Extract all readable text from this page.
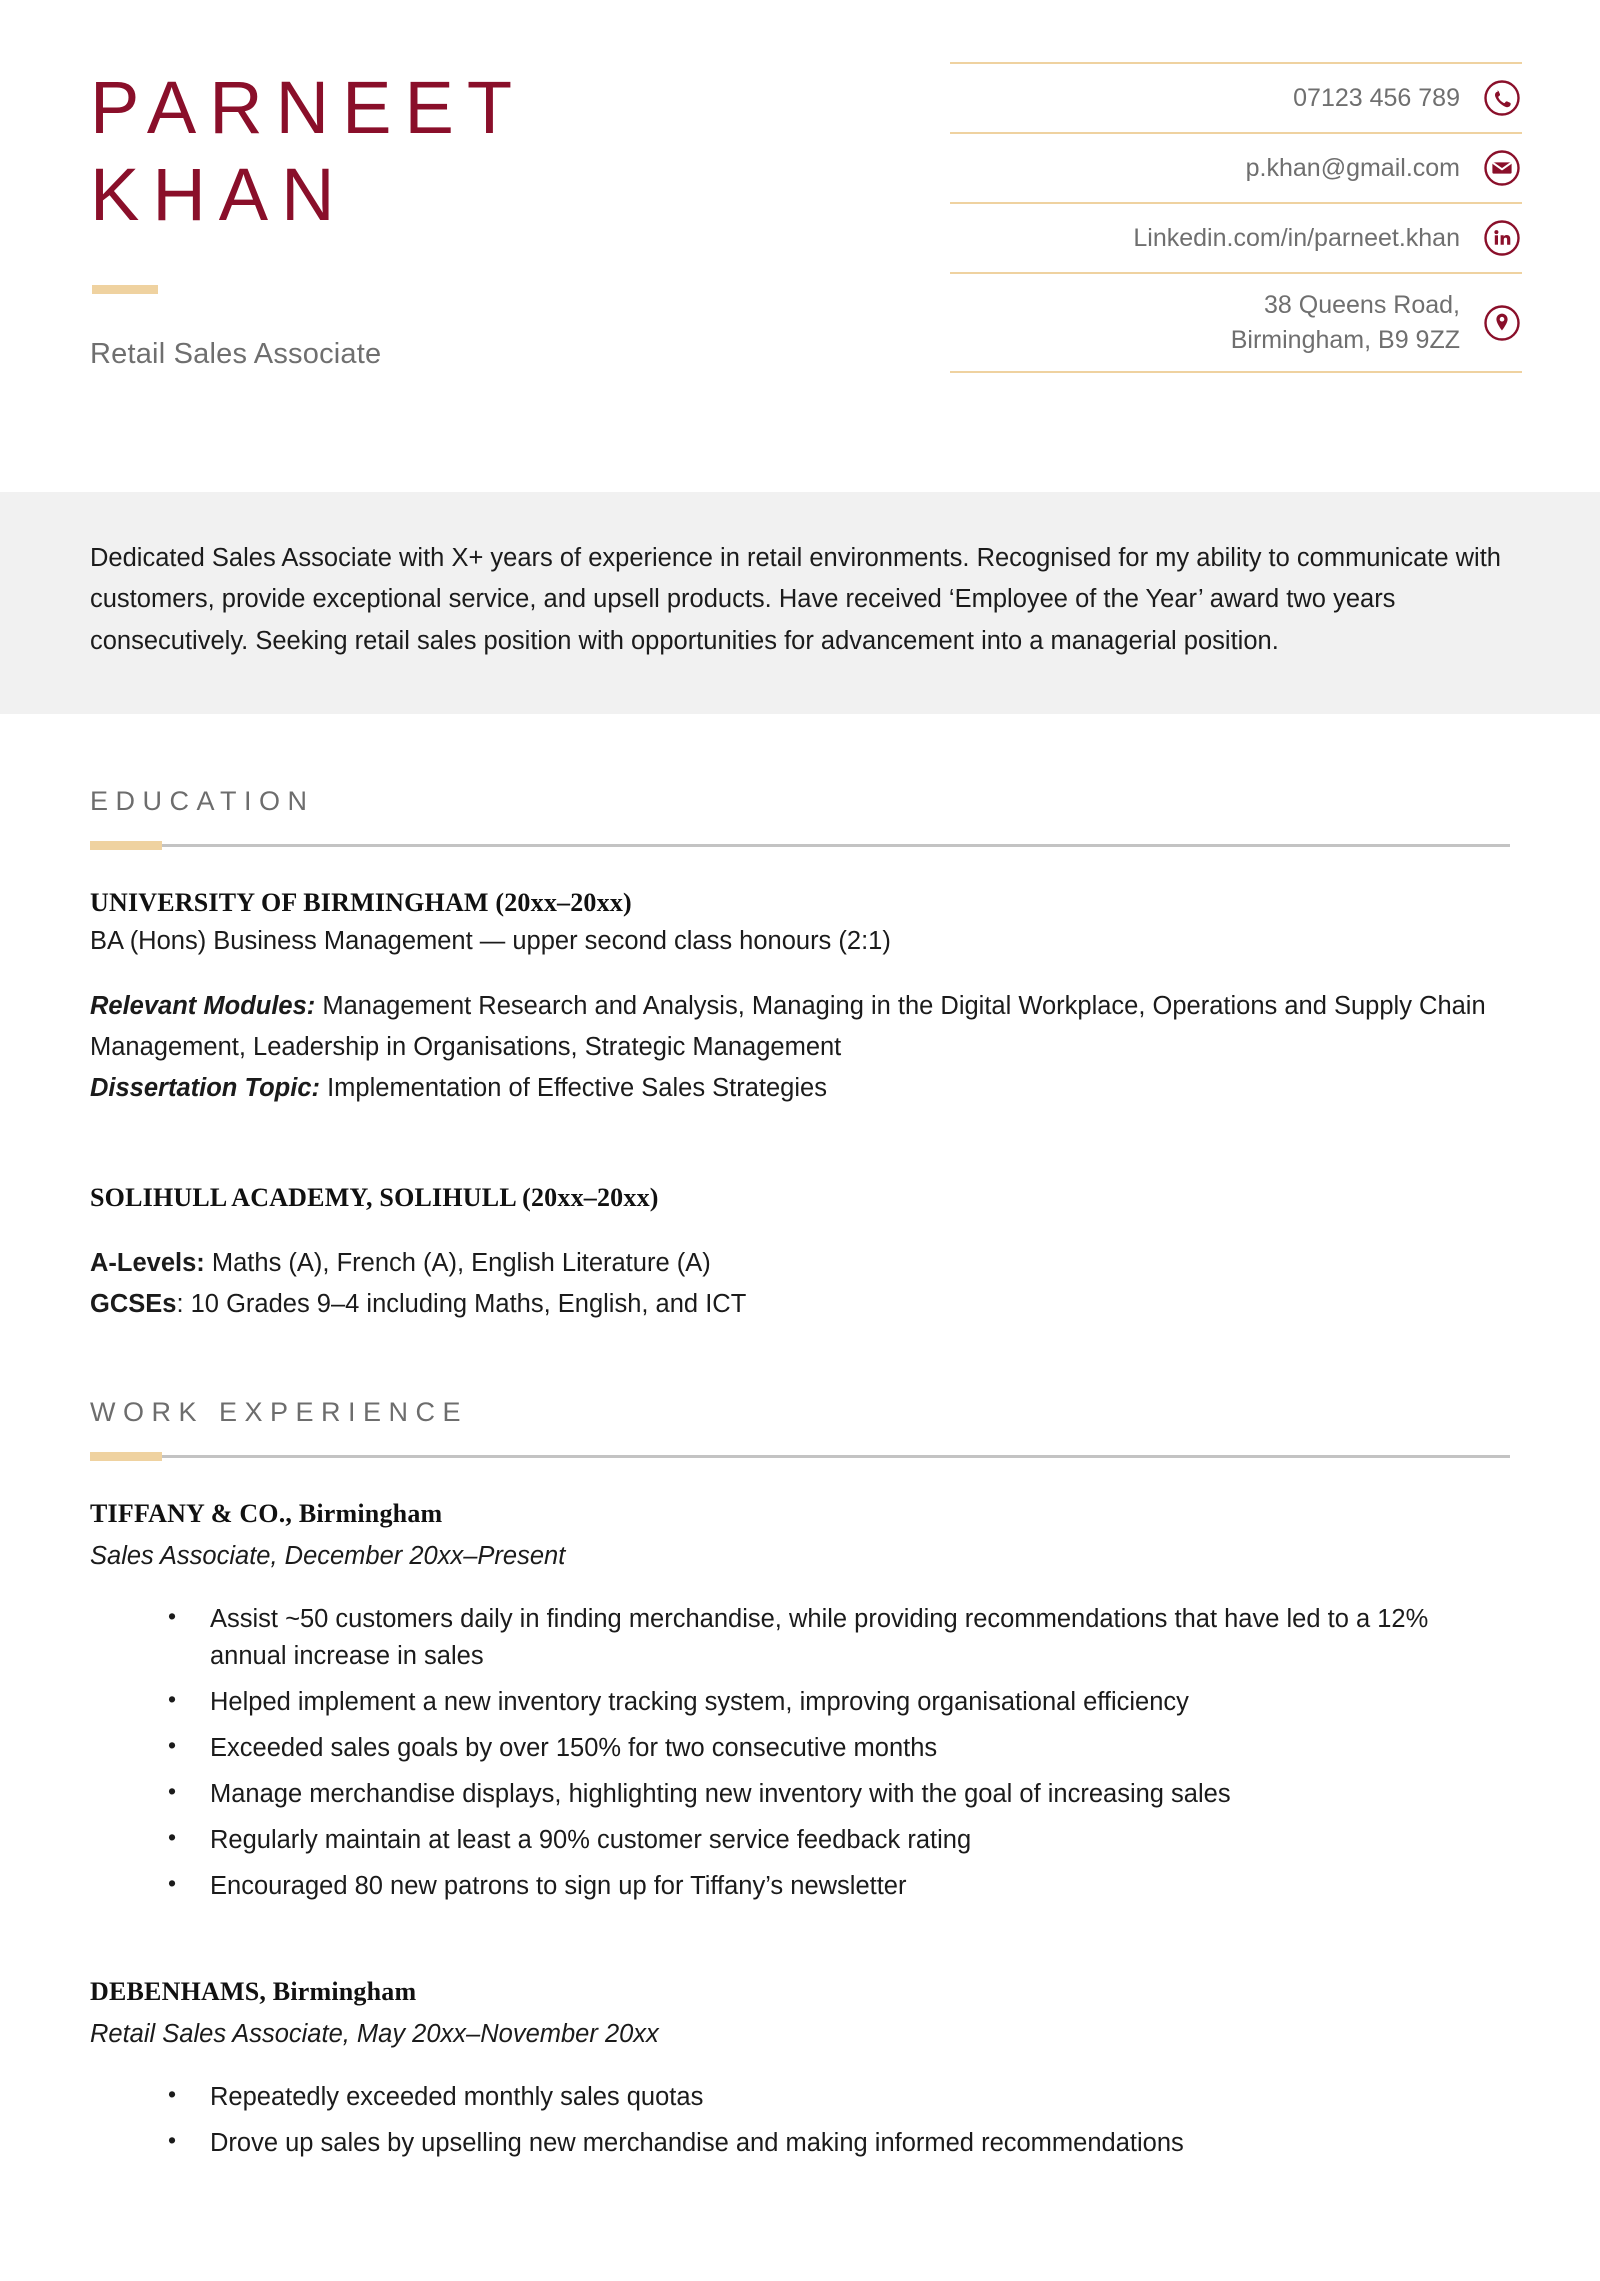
PARNEET
KHAN
Retail Sales Associate
07123 456 789
p.khan@gmail.com
Linkedin.com/in/parneet.khan
38 Queens Road,
Birmingham, B9 9ZZ
Dedicated Sales Associate with X+ years of experience in retail environments. Recognised for my ability to communicate with customers, provide exceptional service, and upsell products. Have received ‘Employee of the Year’ award two years consecutively. Seeking retail sales position with opportunities for advancement into a managerial position.
EDUCATION
UNIVERSITY OF BIRMINGHAM (20xx–20xx)
BA (Hons) Business Management — upper second class honours (2:1)
Relevant Modules: Management Research and Analysis, Managing in the Digital Workplace, Operations and Supply Chain Management, Leadership in Organisations, Strategic Management
Dissertation Topic: Implementation of Effective Sales Strategies
SOLIHULL ACADEMY, SOLIHULL (20xx–20xx)
A-Levels: Maths (A), French (A), English Literature (A)
GCSEs: 10 Grades 9–4 including Maths, English, and ICT
WORK EXPERIENCE
TIFFANY & CO., Birmingham
Sales Associate, December 20xx–Present
• Assist ~50 customers daily in finding merchandise, while providing recommendations that have led to a 12% annual increase in sales
• Helped implement a new inventory tracking system, improving organisational efficiency
• Exceeded sales goals by over 150% for two consecutive months
• Manage merchandise displays, highlighting new inventory with the goal of increasing sales
• Regularly maintain at least a 90% customer service feedback rating
• Encouraged 80 new patrons to sign up for Tiffany’s newsletter
DEBENHAMS, Birmingham
Retail Sales Associate, May 20xx–November 20xx
• Repeatedly exceeded monthly sales quotas
• Drove up sales by upselling new merchandise and making informed recommendations
